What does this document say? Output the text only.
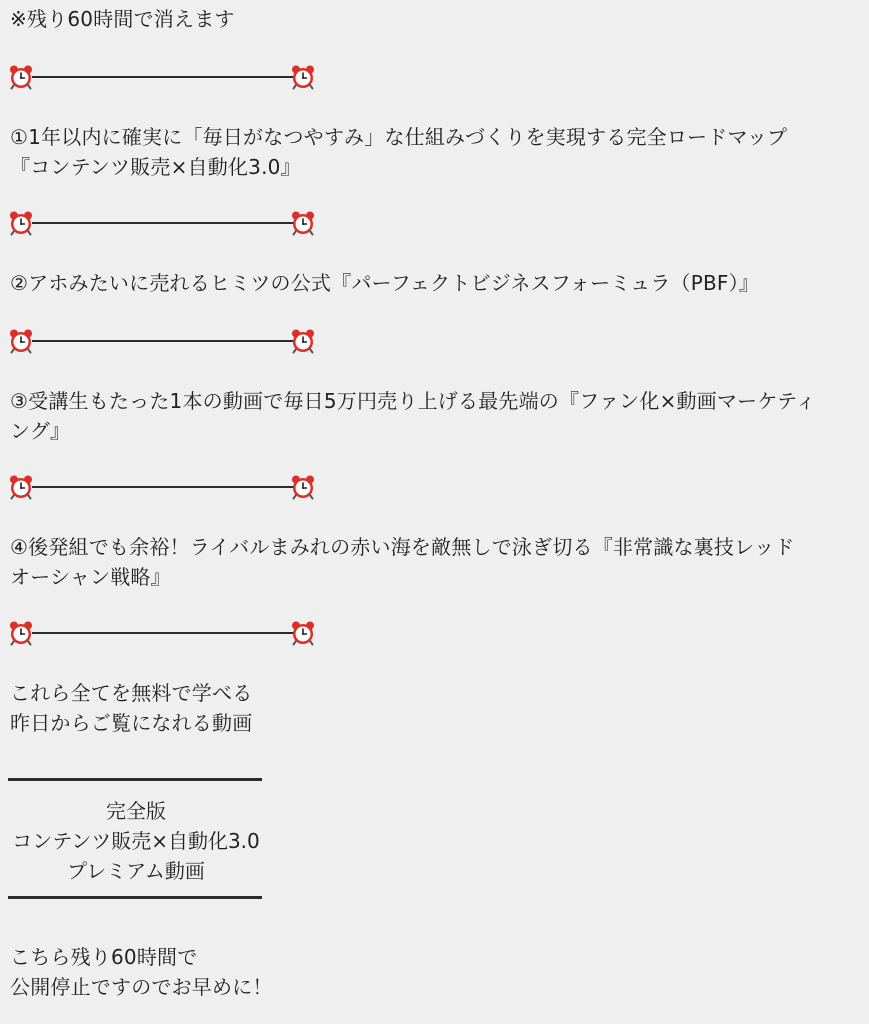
※残り60時間で消えます
①1年以内に確実に「毎日がなつやすみ」な仕組みづくりを実現する完全ロードマップ
『コンテンツ販売×自動化3.0』
②アホみたいに売れるヒミツの公式『パーフェクトビジネスフォーミュラ（PBF）』
③受講生もたった1本の動画で毎日5万円売り上げる最先端の『ファン化×動画マーケティ
ング』
④後発組でも余裕！ライバルまみれの赤い海を敵無しで泳ぎ切る『非常識な裏技レッド
オーシャン戦略』
これら全てを無料で学べる
昨日からご覧になれる動画
完全版
コンテンツ販売×自動化3.0
プレミアム動画
こちら残り60時間で
公開停止ですのでお早めに！
